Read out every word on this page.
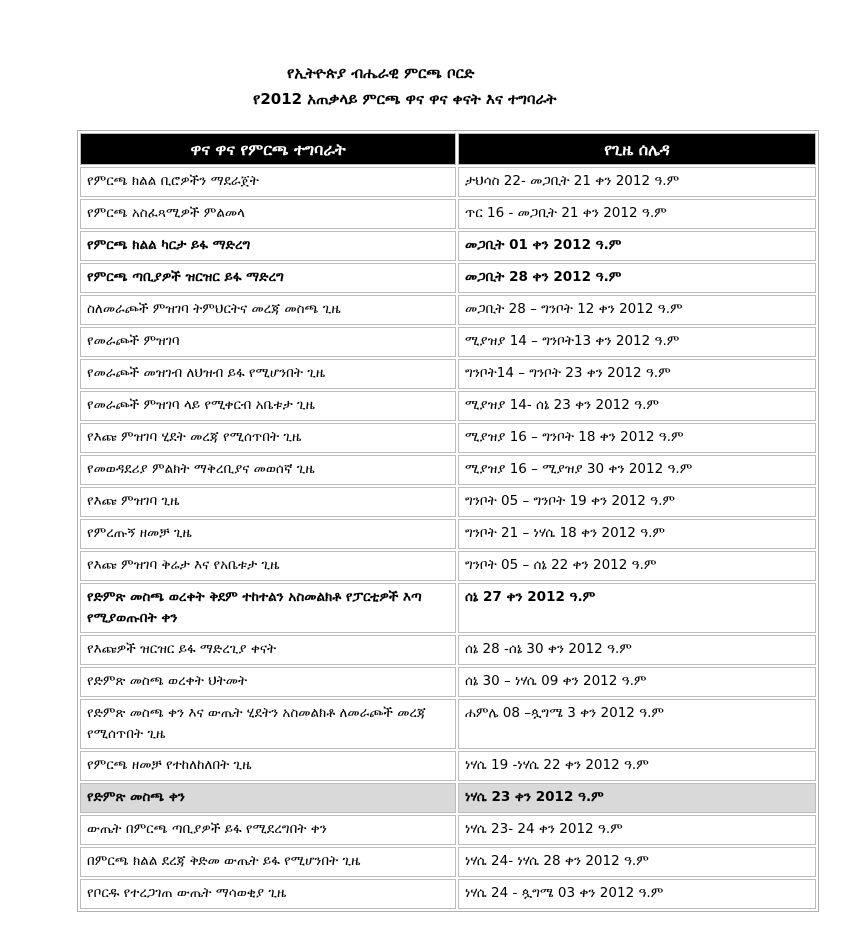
የኢትዮጵያ ብሔራዊ ምርጫ ቦርድ
የ2012 አጠቃላይ ምርጫ ዋና ዋና ቀናት እና ተግባራት
ዋና ዋና የምርጫ ተግባራት	የጊዜ ሰሌዳ
የምርጫ ክልል ቢሮዎችን ማደራጀት	ታህሳስ 22- መጋቢት 21 ቀን 2012 ዓ.ም
የምርጫ አስፈጻሚዎች ምልመላ	ጥር 16 - መጋቢት 21 ቀን 2012 ዓ.ም
የምርጫ ክልል ካርታ ይፋ ማድረግ	መጋቢት 01 ቀን 2012 ዓ.ም
የምርጫ ጣቢያዎች ዝርዝር ይፋ ማድረግ	መጋቢት 28 ቀን 2012 ዓ.ም
ስለመራጮች ምዝገባ ትምህርትና መረጃ መስጫ ጊዜ	መጋቢት 28 – ግንቦት 12 ቀን 2012 ዓ.ም
የመራጮች ምዝገባ	ሚያዝያ 14 – ግንቦት13 ቀን 2012 ዓ.ም
የመራጮች መዝገብ ለህዝብ ይፋ የሚሆንበት ጊዜ	ግንቦት14 – ግንቦት 23 ቀን 2012 ዓ.ም
የመራጮች ምዝገባ ላይ የሚቀርብ አቤቱታ ጊዜ	ሚያዝያ 14- ሰኔ 23 ቀን 2012 ዓ.ም
የእጩ ምዝገባ ሂደት መረጃ የሚሰጥበት ጊዜ	ሚያዝያ 16 – ግንቦት 18 ቀን 2012 ዓ.ም
የመወዳደሪያ ምልክት ማቅረቢያና መወሰኛ ጊዜ	ሚያዝያ 16 – ሚያዝያ 30 ቀን 2012 ዓ.ም
የእጩ ምዝገባ ጊዜ	ግንቦት 05 – ግንቦት 19 ቀን 2012 ዓ.ም
የምረጡኝ ዘመቻ ጊዜ	ግንቦት 21 – ነሃሴ 18 ቀን 2012 ዓ.ም
የእጩ ምዝገባ ቅሬታ እና የአቤቱታ ጊዜ	ግንቦት 05 – ሰኔ 22 ቀን 2012 ዓ.ም
የድምጽ መስጫ ወረቀት ቅደም ተከተልን አስመልክቶ የፓርቲዎች እጣ የሚያወጡበት ቀን	ሰኔ 27 ቀን 2012 ዓ.ም
የእጩዎች ዝርዝር ይፋ ማድረጊያ ቀናት	ሰኔ 28 -ሰኔ 30 ቀን 2012 ዓ.ም
የድምጽ መስጫ ወረቀት ህትመት	ሰኔ 30 – ነሃሴ 09 ቀን 2012 ዓ.ም
የድምጽ መስጫ ቀን እና ውጤት ሂደትን አስመልክቶ ለመራጮች መረጃ የሚሰጥበት ጊዜ	ሐምሌ 08 –ጷግሜ 3 ቀን 2012 ዓ.ም
የምርጫ ዘመቻ የተከለከለበት ጊዜ	ነሃሴ 19 -ነሃሴ 22 ቀን 2012 ዓ.ም
የድምጽ መስጫ ቀን	ነሃሴ 23 ቀን 2012 ዓ.ም
ውጤት በምርጫ ጣቢያዎች ይፋ የሚደረግበት ቀን	ነሃሴ 23- 24 ቀን 2012 ዓ.ም
በምርጫ ክልል ደረጃ ቅድመ ውጤት ይፋ የሚሆንበት ጊዜ	ነሃሴ 24- ነሃሴ 28 ቀን 2012 ዓ.ም
የቦርዱ የተረጋገጠ ውጤት ማሳወቂያ ጊዜ	ነሃሴ 24 - ጷግሜ 03 ቀን 2012 ዓ.ም
